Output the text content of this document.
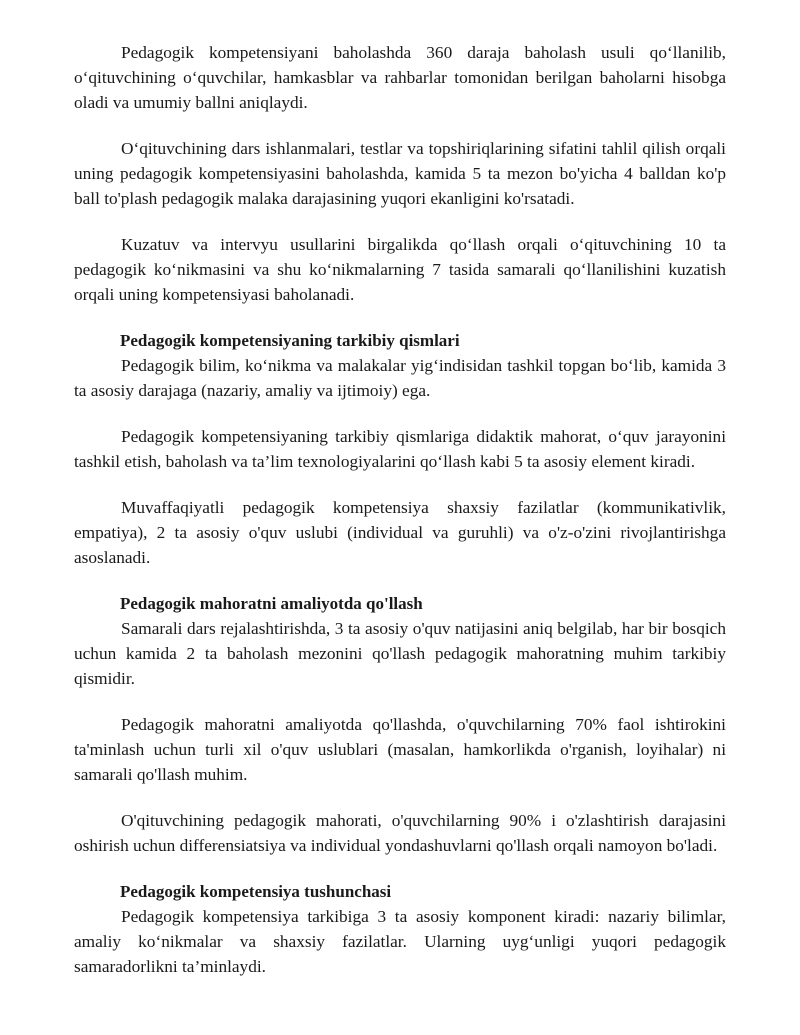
Pedagogik kompetensiyani baholashda 360 daraja baholash usuli qo‘llanilib, o‘qituvchining o‘quvchilar, hamkasblar va rahbarlar tomonidan berilgan baholarni hisobga oladi va umumiy ballni aniqlaydi.

O‘qituvchining dars ishlanmalari, testlar va topshiriqlarining sifatini tahlil qilish orqali uning pedagogik kompetensiyasini baholashda, kamida 5 ta mezon bo'yicha 4 balldan ko'p ball to'plash pedagogik malaka darajasining yuqori ekanligini ko'rsatadi.

Kuzatuv va intervyu usullarini birgalikda qo‘llash orqali o‘qituvchining 10 ta pedagogik ko‘nikmasini va shu ko‘nikmalarning 7 tasida samarali qo‘llanilishini kuzatish orqali uning kompetensiyasi baholanadi.

Pedagogik kompetensiyaning tarkibiy qismlari

Pedagogik bilim, ko‘nikma va malakalar yig‘indisidan tashkil topgan bo‘lib, kamida 3 ta asosiy darajaga (nazariy, amaliy va ijtimoiy) ega.

Pedagogik kompetensiyaning tarkibiy qismlariga didaktik mahorat, o‘quv jarayonini tashkil etish, baholash va ta’lim texnologiyalarini qo‘llash kabi 5 ta asosiy element kiradi.

Muvaffaqiyatli pedagogik kompetensiya shaxsiy fazilatlar (kommunikativlik, empatiya), 2 ta asosiy o'quv uslubi (individual va guruhli) va o'z-o'zini rivojlantirishga asoslanadi.

Pedagogik mahoratni amaliyotda qo'llash

Samarali dars rejalashtirishda, 3 ta asosiy o'quv natijasini aniq belgilab, har bir bosqich uchun kamida 2 ta baholash mezonini qo'llash pedagogik mahoratning muhim tarkibiy qismidir.

Pedagogik mahoratni amaliyotda qo'llashda, o'quvchilarning 70% faol ishtirokini ta'minlash uchun turli xil o'quv uslublari (masalan, hamkorlikda o'rganish, loyihalar) ni samarali qo'llash muhim.

O'qituvchining pedagogik mahorati, o'quvchilarning 90% i o'zlashtirish darajasini oshirish uchun differensiatsiya va individual yondashuvlarni qo'llash orqali namoyon bo'ladi.

Pedagogik kompetensiya tushunchasi

Pedagogik kompetensiya tarkibiga 3 ta asosiy komponent kiradi: nazariy bilimlar, amaliy ko‘nikmalar va shaxsiy fazilatlar. Ularning uyg‘unligi yuqori pedagogik samaradorlikni ta’minlaydi.
